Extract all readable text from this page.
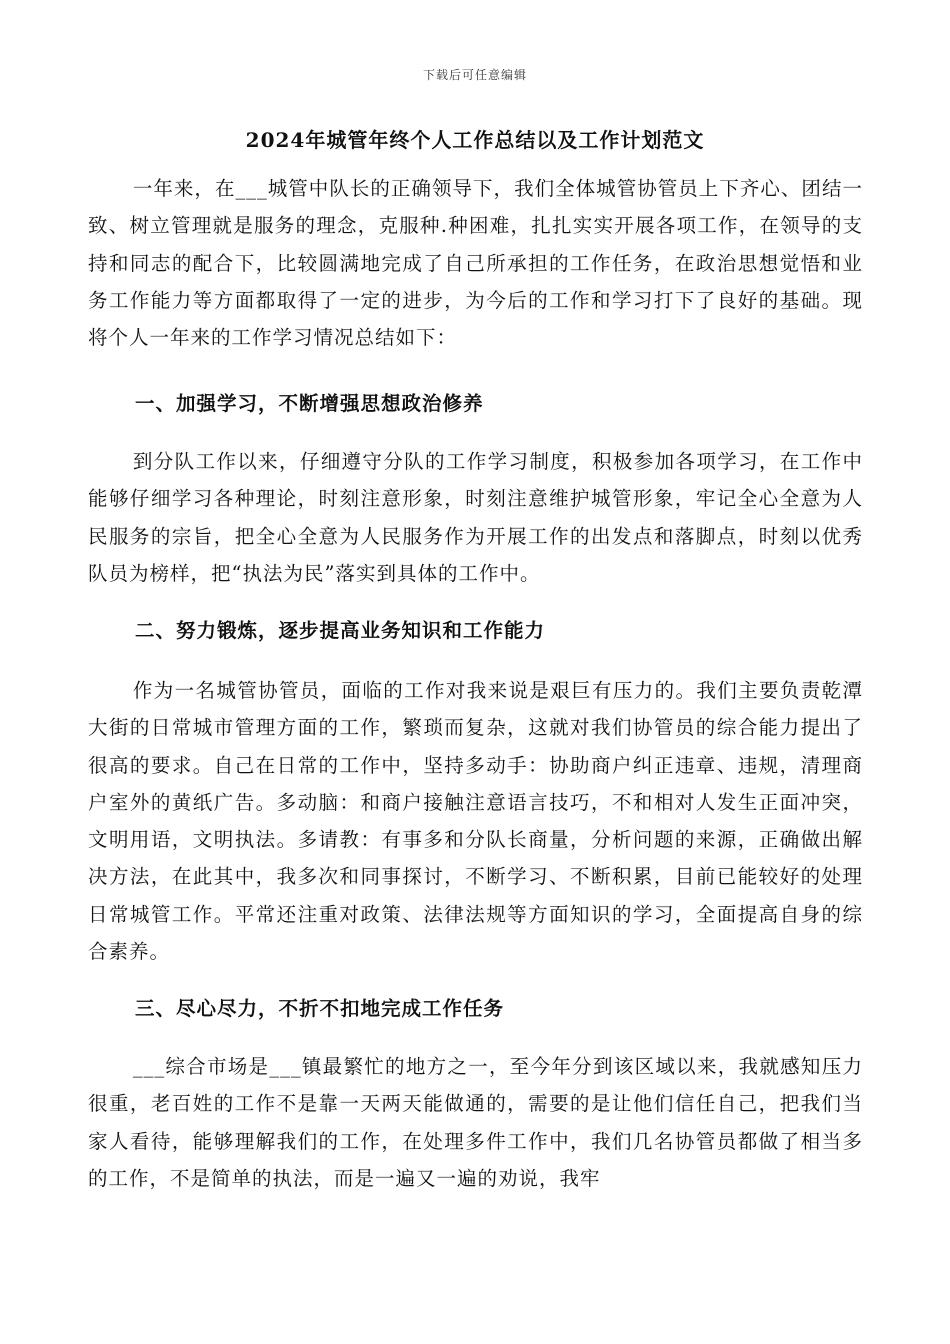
下载后可任意编辑
2024年城管年终个人工作总结以及工作计划范文

一年来，在___城管中队长的正确领导下，我们全体城管协管员上下齐心、团结一致、树立管理就是服务的理念，克服种.种困难，扎扎实实开展各项工作，在领导的支持和同志的配合下，比较圆满地完成了自己所承担的工作任务，在政治思想觉悟和业务工作能力等方面都取得了一定的进步，为今后的工作和学习打下了良好的基础。现将个人一年来的工作学习情况总结如下：

一、加强学习，不断增强思想政治修养

到分队工作以来，仔细遵守分队的工作学习制度，积极参加各项学习，在工作中能够仔细学习各种理论，时刻注意形象，时刻注意维护城管形象，牢记全心全意为人民服务的宗旨，把全心全意为人民服务作为开展工作的出发点和落脚点，时刻以优秀队员为榜样，把“执法为民”落实到具体的工作中。

二、努力锻炼，逐步提高业务知识和工作能力

作为一名城管协管员，面临的工作对我来说是艰巨有压力的。我们主要负责乾潭大街的日常城市管理方面的工作，繁琐而复杂，这就对我们协管员的综合能力提出了很高的要求。自己在日常的工作中，坚持多动手：协助商户纠正违章、违规，清理商户室外的黄纸广告。多动脑：和商户接触注意语言技巧，不和相对人发生正面冲突，文明用语，文明执法。多请教：有事多和分队长商量，分析问题的来源，正确做出解决方法，在此其中，我多次和同事探讨，不断学习、不断积累，目前已能较好的处理日常城管工作。平常还注重对政策、法律法规等方面知识的学习，全面提高自身的综合素养。

三、尽心尽力，不折不扣地完成工作任务

___综合市场是___镇最繁忙的地方之一，至今年分到该区域以来，我就感知压力很重，老百姓的工作不是靠一天两天能做通的，需要的是让他们信任自己，把我们当家人看待，能够理解我们的工作，在处理多件工作中，我们几名协管员都做了相当多的工作，不是简单的执法，而是一遍又一遍的劝说，我牢
